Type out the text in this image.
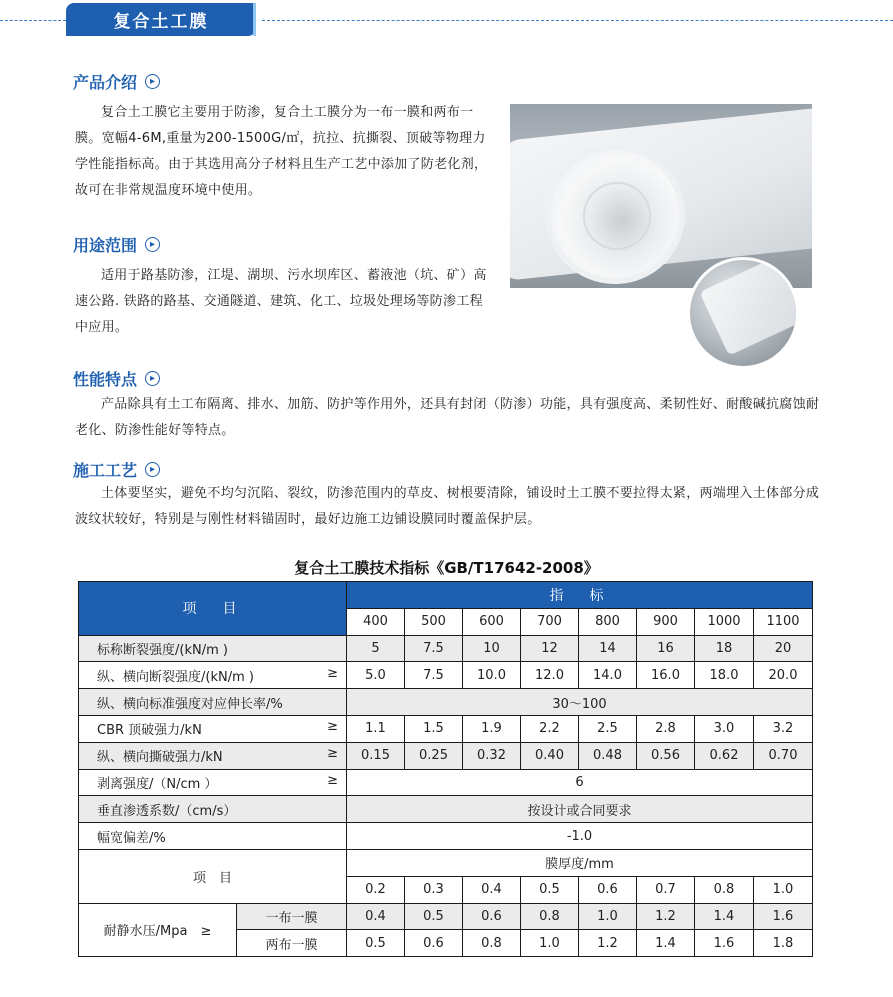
复合土工膜
产品介绍	▸
复合土工膜它主要用于防渗，复合土工膜分为一布一膜和两布一膜。宽幅4-6M,重量为200-1500G/㎡，抗拉、抗撕裂、顶破等物理力学性能指标高。由于其选用高分子材料且生产工艺中添加了防老化剂，故可在非常规温度环境中使用。
用途范围	▸
适用于路基防渗，江堤、湖坝、污水坝库区、蓄液池（坑、矿）高速公路. 铁路的路基、交通隧道、建筑、化工、垃圾处理场等防渗工程中应用。
性能特点	▸
产品除具有土工布隔离、排水、加筋、防护等作用外，还具有封闭（防渗）功能，具有强度高、柔韧性好、耐酸碱抗腐蚀耐老化、防渗性能好等特点。
施工工艺	▸
土体要坚实，避免不均匀沉陷、裂纹，防渗范围内的草皮、树根要清除，铺设时土工膜不要拉得太紧，两端埋入土体部分成波纹状较好，特别是与刚性材料锚固时，最好边施工边铺设膜同时覆盖保护层。
复合土工膜技术指标《GB/T17642-2008》
项　目		指　标							
		400	500	600	700	800	900	1000	1100
标称断裂强度/(kN/m )		5	7.5	10	12	14	16	18	20
纵、横向断裂强度/(kN/m ) ≥		5.0	7.5	10.0	12.0	14.0	16.0	18.0	20.0
纵、横向标准强度对应伸长率/%		30～100							
CBR 顶破强力/kN ≥		1.1	1.5	1.9	2.2	2.5	2.8	3.0	3.2
纵、横向撕破强力/kN ≥		0.15	0.25	0.32	0.40	0.48	0.56	0.62	0.70
剥离强度/（N/cm ） ≥		6							
垂直渗透系数/（cm/s）		按设计或合同要求							
幅宽偏差/%		-1.0							
项　目		膜厚度/mm							
		0.2	0.3	0.4	0.5	0.6	0.7	0.8	1.0
耐静水压/Mpa　≥	一布一膜	0.4	0.5	0.6	0.8	1.0	1.2	1.4	1.6
	两布一膜	0.5	0.6	0.8	1.0	1.2	1.4	1.6	1.8
